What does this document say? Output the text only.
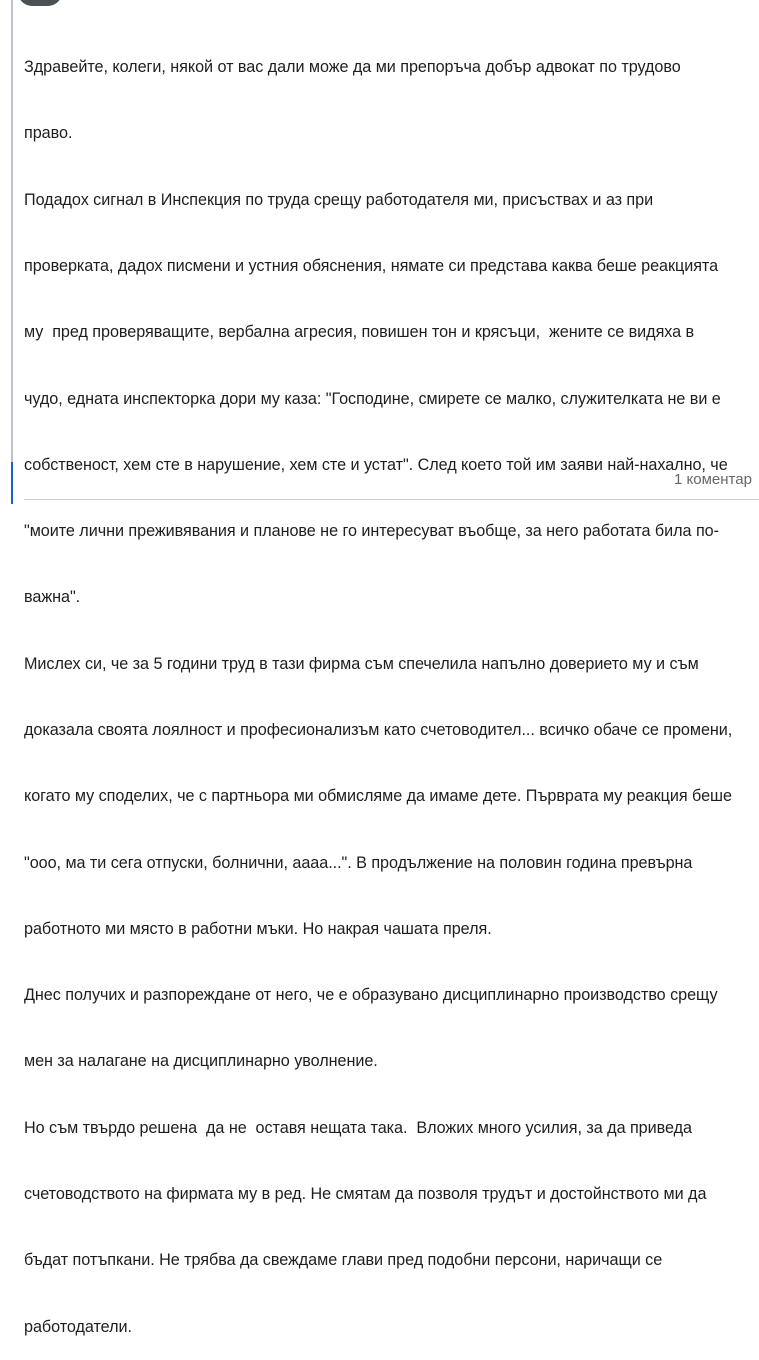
Здравейте, колеги, някой от вас дали може да ми препоръча добър адвокат по трудово

право.

Подадох сигнал в Инспекция по труда срещу работодателя ми, присъствах и аз при

проверката, дадох писмени и устния обяснения, нямате си представа каква беше реакцията

му  пред проверяващите, вербална агресия, повишен тон и крясъци,  жените се видяха в

чудо, едната инспекторка дори му каза: "Господине, смирете се малко, служителката не ви е

собственост, хем сте в нарушение, хем сте и устат". След което той им заяви най-нахално, че

"моите лични преживявания и планове не го интересуват въобще, за него работата била по-

важна".

Мислех си, че за 5 години труд в тази фирма съм спечелила напълно доверието му и съм

доказала своята лоялност и професионализъм като счетоводител... всичко обаче се промени,

когато му споделих, че с партньора ми обмисляме да имаме дете. Първрата му реакция беше

"ооо, ма ти сега отпуски, болнични, аааа...". В продължение на половин година превърна

работното ми място в работни мъки. Но накрая чашата преля.

Днес получих и разпореждане от него, че е образувано дисциплинарно производство срещу

мен за налагане на дисциплинарно уволнение.

Но съм твърдо решена  да не  оставя нещата така.  Вложих много усилия, за да приведа

счетоводството на фирмата му в ред. Не смятам да позволя трудът и достойнството ми да

бъдат потъпкани. Не трябва да свеждаме глави пред подобни персони, наричащи се

работодатели.

1 коментар
